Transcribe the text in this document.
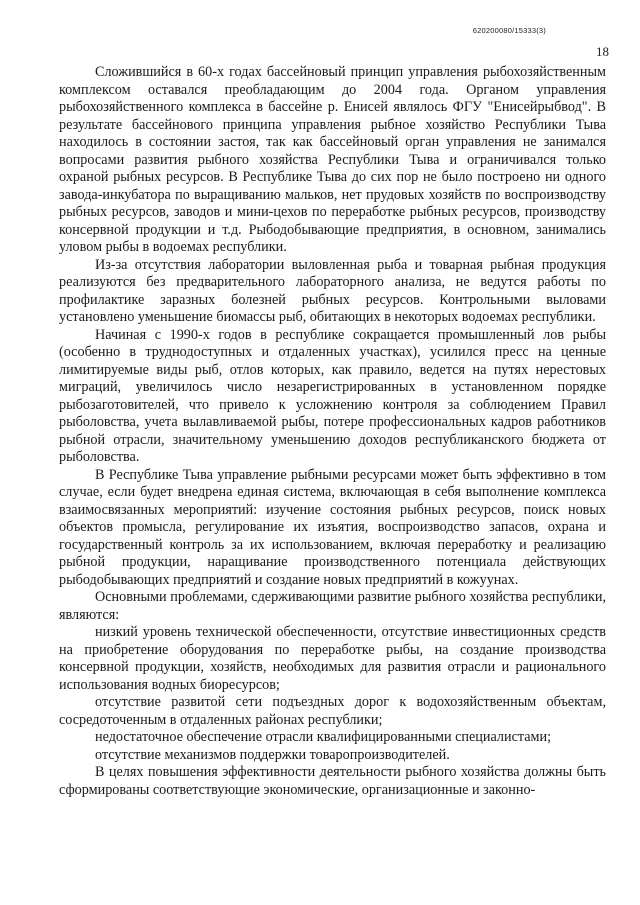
620200080/15333(3)
18

Сложившийся в 60-х годах бассейновый принцип управления рыбохозяйственным комплексом оставался преобладающим до 2004 года. Органом управления рыбохозяйственного комплекса в бассейне р. Енисей являлось ФГУ "Енисейрыбвод". В результате бассейнового принципа управления рыбное хозяйство Республики Тыва находилось в состоянии застоя, так как бассейновый орган управления не занимался вопросами развития рыбного хозяйства Республики Тыва и ограничивался только охраной рыбных ресурсов. В Республике Тыва до сих пор не было построено ни одного завода-инкубатора по выращиванию мальков, нет прудовых хозяйств по воспроизводству рыбных ресурсов, заводов и мини-цехов по переработке рыбных ресурсов, производству консервной продукции и т.д. Рыбодобывающие предприятия, в основном, занимались уловом рыбы в водоемах республики.

Из-за отсутствия лаборатории выловленная рыба и товарная рыбная продукция реализуются без предварительного лабораторного анализа, не ведутся работы по профилактике заразных болезней рыбных ресурсов. Контрольными выловами установлено уменьшение биомассы рыб, обитающих в некоторых водоемах республики.

Начиная с 1990-х годов в республике сокращается промышленный лов рыбы (особенно в труднодоступных и отдаленных участках), усилился пресс на ценные лимитируемые виды рыб, отлов которых, как правило, ведется на путях нерестовых миграций, увеличилось число незарегистрированных в установленном порядке рыбозаготовителей, что привело к усложнению контроля за соблюдением Правил рыболовства, учета вылавливаемой рыбы, потере профессиональных кадров работников рыбной отрасли, значительному уменьшению доходов республиканского бюджета от рыболовства.

В Республике Тыва управление рыбными ресурсами может быть эффективно в том случае, если будет внедрена единая система, включающая в себя выполнение комплекса взаимосвязанных мероприятий: изучение состояния рыбных ресурсов, поиск новых объектов промысла, регулирование их изъятия, воспроизводство запасов, охрана и государственный контроль за их использованием, включая переработку и реализацию рыбной продукции, наращивание производственного потенциала действующих рыбодобывающих предприятий и создание новых предприятий в кожуунах.

Основными проблемами, сдерживающими развитие рыбного хозяйства республики, являются:

низкий уровень технической обеспеченности, отсутствие инвестиционных средств на приобретение оборудования по переработке рыбы, на создание производства консервной продукции, хозяйств, необходимых для развития отрасли и рационального использования водных биоресурсов;

отсутствие развитой сети подъездных дорог к водохозяйственным объектам, сосредоточенным в отдаленных районах республики;

недостаточное обеспечение отрасли квалифицированными специалистами;

отсутствие механизмов поддержки товаропроизводителей.

В целях повышения эффективности деятельности рыбного хозяйства должны быть сформированы соответствующие экономические, организационные и законно-
